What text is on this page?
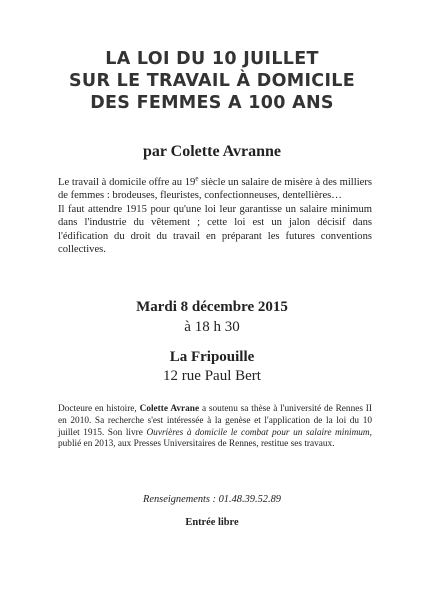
LA LOI DU 10 JUILLET
SUR LE TRAVAIL À DOMICILE
DES FEMMES A 100 ANS
par Colette Avranne

Le travail à domicile offre au 19e siècle un salaire de misère à des milliers de femmes : brodeuses, fleuristes, confectionneuses, dentellières…

Il faut attendre 1915 pour qu'une loi leur garantisse un salaire minimum dans l'industrie du vêtement ; cette loi est un jalon décisif dans l'édification du droit du travail en préparant les futures conventions collectives.

Mardi 8 décembre 2015
à 18 h 30
La Fripouille
12 rue Paul Bert
Docteure en histoire, Colette Avrane a soutenu sa thèse à l'université de Rennes II en 2010. Sa recherche s'est intéressée à la genèse et l'application de la loi du 10 juillet 1915. Son livre Ouvrières à domicile le combat pour un salaire minimum, publié en 2013, aux Presses Universitaires de Rennes, restitue ses travaux.
Renseignements : 01.48.39.52.89
Entrée libre
